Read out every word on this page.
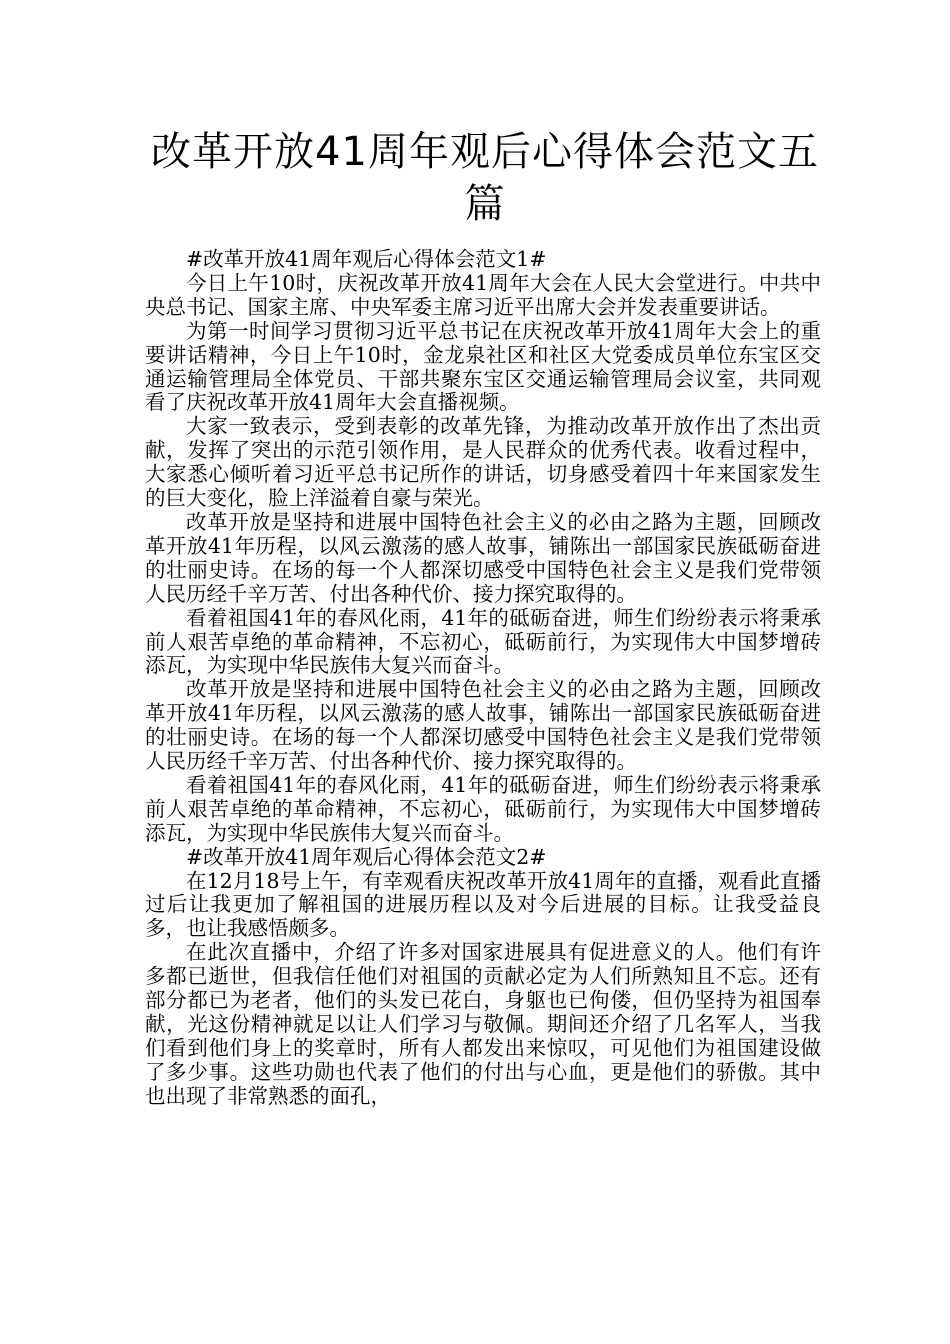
改革开放41周年观后心得体会范文五篇

#改革开放41周年观后心得体会范文1#

今日上午10时，庆祝改革开放41周年大会在人民大会堂进行。中共中央总书记、国家主席、中央军委主席习近平出席大会并发表重要讲话。

为第一时间学习贯彻习近平总书记在庆祝改革开放41周年大会上的重要讲话精神，今日上午10时，金龙泉社区和社区大党委成员单位东宝区交通运输管理局全体党员、干部共聚东宝区交通运输管理局会议室，共同观看了庆祝改革开放41周年大会直播视频。

大家一致表示，受到表彰的改革先锋，为推动改革开放作出了杰出贡献，发挥了突出的示范引领作用，是人民群众的优秀代表。收看过程中，大家悉心倾听着习近平总书记所作的讲话，切身感受着四十年来国家发生的巨大变化，脸上洋溢着自豪与荣光。

改革开放是坚持和进展中国特色社会主义的必由之路为主题，回顾改革开放41年历程，以风云激荡的感人故事，铺陈出一部国家民族砥砺奋进的壮丽史诗。在场的每一个人都深切感受中国特色社会主义是我们党带领人民历经千辛万苦、付出各种代价、接力探究取得的。

看着祖国41年的春风化雨，41年的砥砺奋进，师生们纷纷表示将秉承前人艰苦卓绝的革命精神，不忘初心，砥砺前行，为实现伟大中国梦增砖添瓦，为实现中华民族伟大复兴而奋斗。

改革开放是坚持和进展中国特色社会主义的必由之路为主题，回顾改革开放41年历程，以风云激荡的感人故事，铺陈出一部国家民族砥砺奋进的壮丽史诗。在场的每一个人都深切感受中国特色社会主义是我们党带领人民历经千辛万苦、付出各种代价、接力探究取得的。

看着祖国41年的春风化雨，41年的砥砺奋进，师生们纷纷表示将秉承前人艰苦卓绝的革命精神，不忘初心，砥砺前行，为实现伟大中国梦增砖添瓦，为实现中华民族伟大复兴而奋斗。

#改革开放41周年观后心得体会范文2#

在12月18号上午，有幸观看庆祝改革开放41周年的直播，观看此直播过后让我更加了解祖国的进展历程以及对今后进展的目标。让我受益良多，也让我感悟颇多。

在此次直播中，介绍了许多对国家进展具有促进意义的人。他们有许多都已逝世，但我信任他们对祖国的贡献必定为人们所熟知且不忘。还有部分都已为老者，他们的头发已花白，身躯也已佝偻，但仍坚持为祖国奉献，光这份精神就足以让人们学习与敬佩。期间还介绍了几名军人，当我们看到他们身上的奖章时，所有人都发出来惊叹，可见他们为祖国建设做了多少事。这些功勋也代表了他们的付出与心血，更是他们的骄傲。其中也出现了非常熟悉的面孔，
